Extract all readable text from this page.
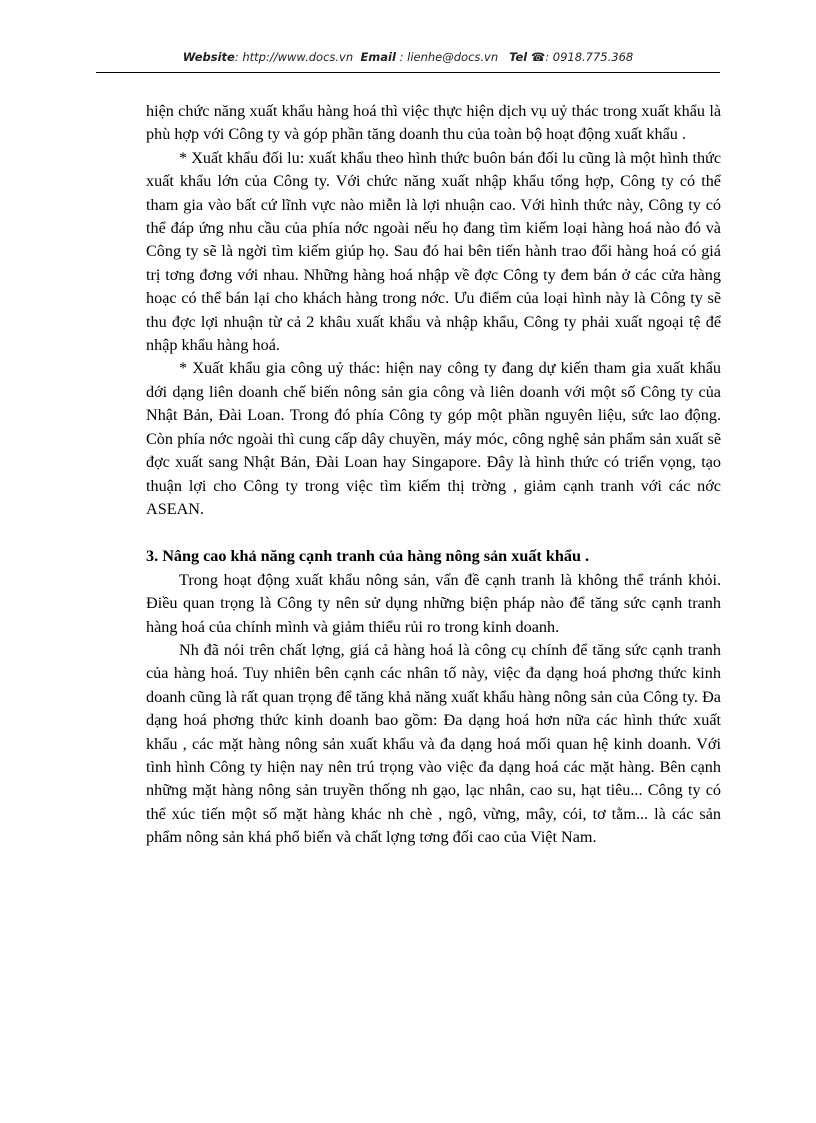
Website: http://www.docs.vn Email : lienhe@docs.vn Tel ☎: 0918.775.368

hiện chức năng xuất khẩu hàng hoá thì việc thực hiện dịch vụ uỷ thác trong xuất khẩu là phù hợp với Công ty và góp phần tăng doanh thu của toàn bộ hoạt động xuất khẩu .

* Xuất khẩu đối lu: xuất khẩu theo hình thức buôn bán đối lu cũng là một hình thức xuất khẩu lớn của Công ty. Với chức năng xuất nhập khẩu tổng hợp, Công ty có thể tham gia vào bất cứ lĩnh vực nào miễn là lợi nhuận cao. Với hình thức này, Công ty có thể đáp ứng nhu cầu của phía nớc ngoài nếu họ đang tìm kiếm loại hàng hoá nào đó và Công ty sẽ là ngời tìm kiếm giúp họ. Sau đó hai bên tiến hành trao đổi hàng hoá có giá trị tơng đơng với nhau. Những hàng hoá nhập về đợc Công ty đem bán ở các cửa hàng hoạc có thể bán lại cho khách hàng trong nớc. Ưu điểm của loại hình này là Công ty sẽ thu đợc lợi nhuận từ cả 2 khâu xuất khẩu và nhập khẩu, Công ty phải xuất ngoại tệ để nhập khẩu hàng hoá.

* Xuất khẩu gia công uỷ thác: hiện nay công ty đang dự kiến tham gia xuất khẩu dới dạng liên doanh chế biến nông sản gia công và liên doanh với một số Công ty của Nhật Bản, Đài Loan. Trong đó phía Công ty góp một phần nguyên liệu, sức lao động. Còn phía nớc ngoài thì cung cấp dây chuyền, máy móc, công nghệ sản phẩm sản xuất sẽ đợc xuất sang Nhật Bản, Đài Loan hay Singapore. Đây là hình thức có triển vọng, tạo thuận lợi cho Công ty trong việc tìm kiếm thị trờng , giảm cạnh tranh với các nớc ASEAN.

3. Nâng cao khả năng cạnh tranh của hàng nông sản xuất khẩu .

Trong hoạt động xuất khẩu nông sản, vấn đề cạnh tranh là không thể tránh khỏi. Điều quan trọng là Công ty nên sử dụng những biện pháp nào để tăng sức cạnh tranh hàng hoá của chính mình và giảm thiểu rủi ro trong kinh doanh.

Nh đã nói trên chất lợng, giá cả hàng hoá là công cụ chính để tăng sức cạnh tranh của hàng hoá. Tuy nhiên bên cạnh các nhân tố này, việc đa dạng hoá phơng thức kinh doanh cũng là rất quan trọng để tăng khả năng xuất khẩu hàng nông sản của Công ty. Đa dạng hoá phơng thức kinh doanh bao gồm: Đa dạng hoá hơn nữa các hình thức xuất khẩu , các mặt hàng nông sản xuất khẩu và đa dạng hoá mối quan hệ kinh doanh. Với tình hình Công ty hiện nay nên trú trọng vào việc đa dạng hoá các mặt hàng. Bên cạnh những mặt hàng nông sản truyền thống nh gạo, lạc nhân, cao su, hạt tiêu... Công ty có thể xúc tiến một số mặt hàng khác nh chè , ngô, vừng, mây, cói, tơ tằm... là các sản phẩm nông sản khá phổ biến và chất lợng tơng đối cao của Việt Nam.
